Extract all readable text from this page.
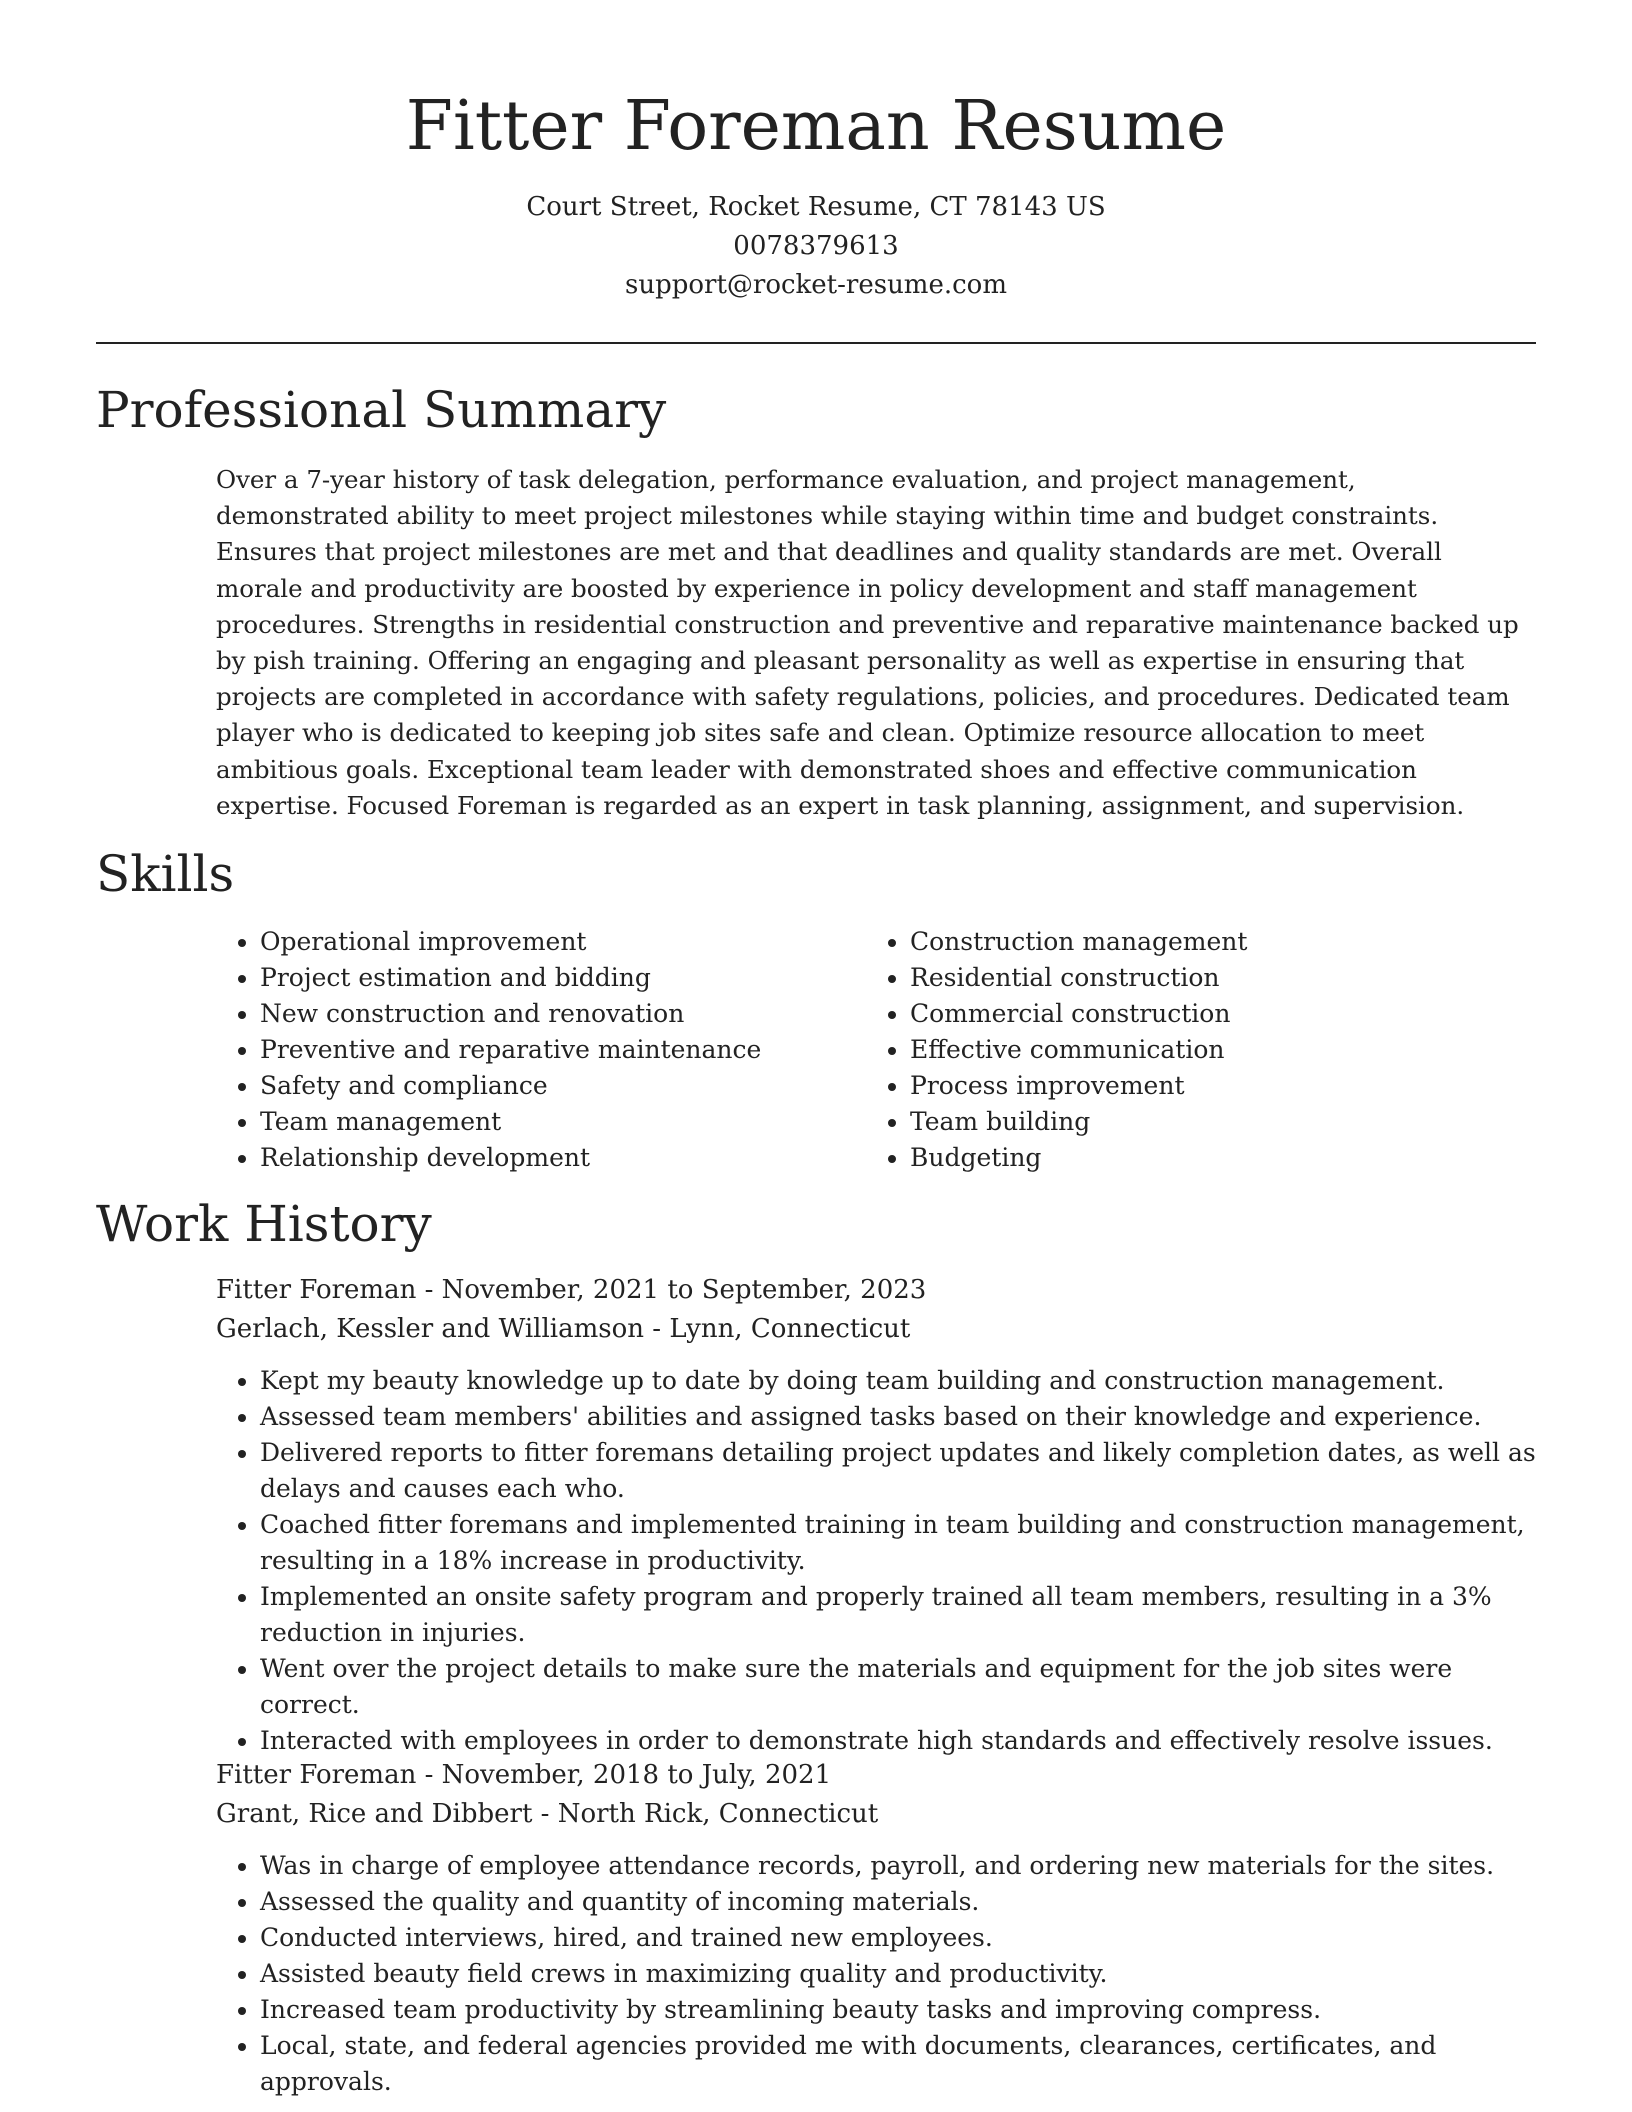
Fitter Foreman Resume
Court Street, Rocket Resume, CT 78143 US
0078379613
support@rocket-resume.com
Professional Summary

Over a 7-year history of task delegation, performance evaluation, and project management, demonstrated ability to meet project milestones while staying within time and budget constraints. Ensures that project milestones are met and that deadlines and quality standards are met. Overall morale and productivity are boosted by experience in policy development and staff management procedures. Strengths in residential construction and preventive and reparative maintenance backed up by pish training. Offering an engaging and pleasant personality as well as expertise in ensuring that projects are completed in accordance with safety regulations, policies, and procedures. Dedicated team player who is dedicated to keeping job sites safe and clean. Optimize resource allocation to meet ambitious goals. Exceptional team leader with demonstrated shoes and effective communication expertise. Focused Foreman is regarded as an expert in task planning, assignment, and supervision.

Skills
• Operational improvement
• Project estimation and bidding
• New construction and renovation
• Preventive and reparative maintenance
• Safety and compliance
• Team management
• Relationship development
• Construction management
• Residential construction
• Commercial construction
• Effective communication
• Process improvement
• Team building
• Budgeting
Work History
Fitter Foreman - November, 2021 to September, 2023
Gerlach, Kessler and Williamson - Lynn, Connecticut
• Kept my beauty knowledge up to date by doing team building and construction management.
• Assessed team members' abilities and assigned tasks based on their knowledge and experience.
• Delivered reports to fitter foremans detailing project updates and likely completion dates, as well as delays and causes each who.
• Coached fitter foremans and implemented training in team building and construction management, resulting in a 18% increase in productivity.
• Implemented an onsite safety program and properly trained all team members, resulting in a 3% reduction in injuries.
• Went over the project details to make sure the materials and equipment for the job sites were correct.
• Interacted with employees in order to demonstrate high standards and effectively resolve issues.
Fitter Foreman - November, 2018 to July, 2021
Grant, Rice and Dibbert - North Rick, Connecticut
• Was in charge of employee attendance records, payroll, and ordering new materials for the sites.
• Assessed the quality and quantity of incoming materials.
• Conducted interviews, hired, and trained new employees.
• Assisted beauty field crews in maximizing quality and productivity.
• Increased team productivity by streamlining beauty tasks and improving compress.
• Local, state, and federal agencies provided me with documents, clearances, certificates, and approvals.
